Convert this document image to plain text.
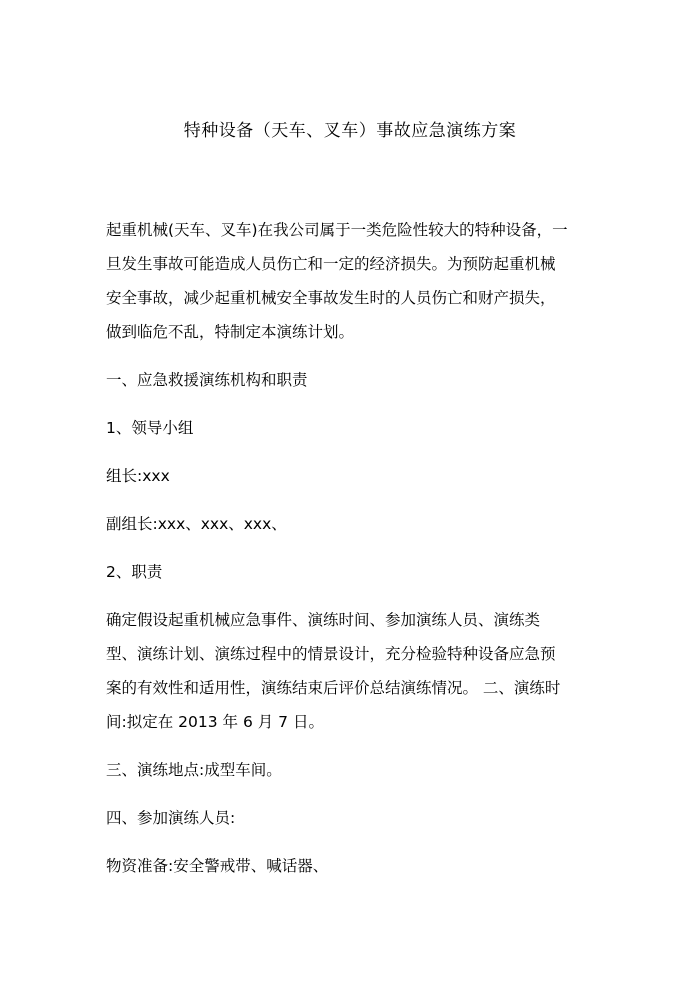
特种设备（天车、叉车）事故应急演练方案

起重机械(天车、叉车)在我公司属于一类危险性较大的特种设备，一
旦发生事故可能造成人员伤亡和一定的经济损失。为预防起重机械
安全事故，减少起重机械安全事故发生时的人员伤亡和财产损失，
做到临危不乱，特制定本演练计划。

一、应急救援演练机构和职责

1、领导小组

组长:xxx

副组长:xxx、xxx、xxx、

2、职责

确定假设起重机械应急事件、演练时间、参加演练人员、演练类
型、演练计划、演练过程中的情景设计，充分检验特种设备应急预
案的有效性和适用性，演练结束后评价总结演练情况。 二、演练时
间:拟定在 2013 年 6 月 7 日。

三、演练地点:成型车间。

四、参加演练人员:

物资准备:安全警戒带、喊话器、
